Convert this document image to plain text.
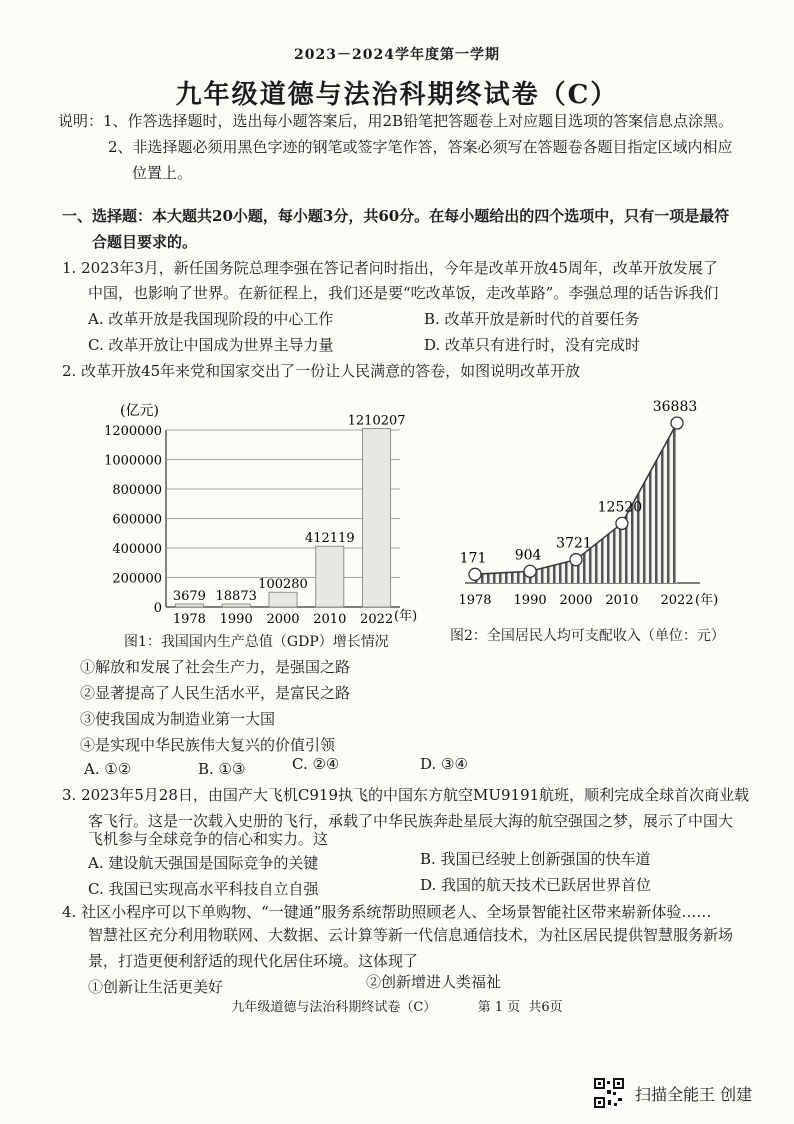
2023－2024学年度第一学期
九年级道德与法治科期终试卷（C）
说明：1、作答选择题时，选出每小题答案后，用2B铅笔把答题卷上对应题目选项的答案信息点涂黑。
2、非选择题必须用黑色字迹的钢笔或签字笔作答，答案必须写在答题卷各题目指定区域内相应
位置上。
一、选择题：本大题共20小题，每小题3分，共60分。在每小题给出的四个选项中，只有一项是最符
合题目要求的。
1. 2023年3月，新任国务院总理李强在答记者问时指出，今年是改革开放45周年，改革开放发展了
中国，也影响了世界。在新征程上，我们还是要“吃改革饭，走改革路”。李强总理的话告诉我们
A. 改革开放是我国现阶段的中心工作	B. 改革开放是新时代的首要任务
C. 改革开放让中国成为世界主导力量	D. 改革只有进行时，没有完成时
2. 改革开放45年来党和国家交出了一份让人民满意的答卷，如图说明改革开放
(亿元)
0
200000
400000
600000
800000
1000000
1200000
3679
1978
18873
1990
100280
2000
412119
2010
1210207
2022 (年)
171
1978
904
1990
3721
2000
12520
2010
36883
2022 (年)
图1：我国国内生产总值（GDP）增长情况	图2：全国居民人均可支配收入（单位：元）
①解放和发展了社会生产力，是强国之路
②显著提高了人民生活水平，是富民之路
③使我国成为制造业第一大国
④是实现中华民族伟大复兴的价值引领
A. ①②	B. ①③	C. ②④	D. ③④
3. 2023年5月28日，由国产大飞机C919执飞的中国东方航空MU9191航班，顺利完成全球首次商业载
客飞行。这是一次载入史册的飞行，承载了中华民族奔赴星辰大海的航空强国之梦，展示了中国大
飞机参与全球竞争的信心和实力。这
A. 建设航天强国是国际竞争的关键	B. 我国已经驶上创新强国的快车道
C. 我国已实现高水平科技自立自强	D. 我国的航天技术已跃居世界首位
4. 社区小程序可以下单购物、“一键通”服务系统帮助照顾老人、全场景智能社区带来崭新体验……
智慧社区充分利用物联网、大数据、云计算等新一代信息通信技术，为社区居民提供智慧服务新场
景，打造更便利舒适的现代化居住环境。这体现了
①创新让生活更美好	②创新增进人类福祉
九年级道德与法治科期终试卷（C）          第 1 页  共6页
扫描全能王 创建
